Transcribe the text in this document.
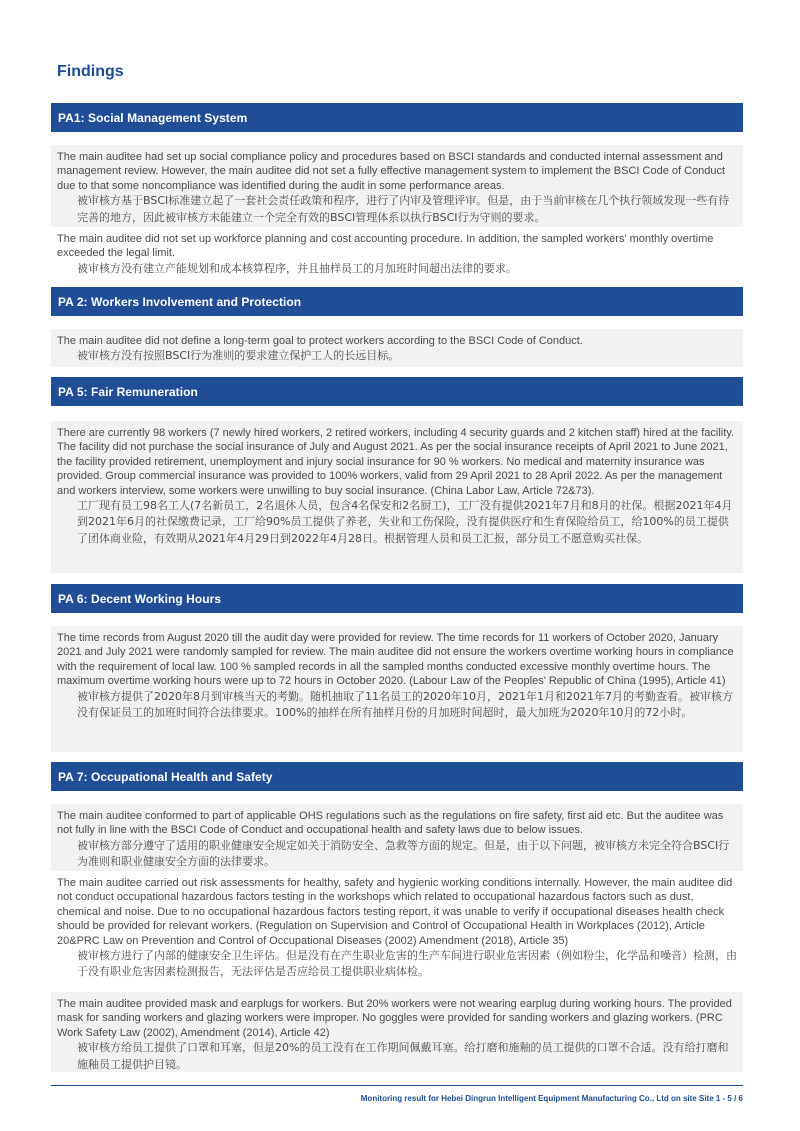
Findings
PA1: Social Management System

The main auditee had set up social compliance policy and procedures based on BSCI standards and conducted internal assessment and management review. However, the main auditee did not set a fully effective management system to implement the BSCI Code of Conduct due to that some noncompliance was identified during the audit in some performance areas.

被审核方基于BSCI标准建立起了一套社会责任政策和程序，进行了内审及管理评审。但是，由于当前审核在几个执行领域发现一些有待完善的地方，因此被审核方未能建立一个完全有效的BSCI管理体系以执行BSCI行为守则的要求。

The main auditee did not set up workforce planning and cost accounting procedure. In addition, the sampled workers' monthly overtime exceeded the legal limit.

被审核方没有建立产能规划和成本核算程序，并且抽样员工的月加班时间超出法律的要求。

PA 2: Workers Involvement and Protection

The main auditee did not define a long-term goal to protect workers according to the BSCI Code of Conduct.

被审核方没有按照BSCI行为准则的要求建立保护工人的长远目标。

PA 5: Fair Remuneration

There are currently 98 workers (7 newly hired workers, 2 retired workers, including 4 security guards and 2 kitchen staff) hired at the facility. The facility did not purchase the social insurance of July and August 2021. As per the social insurance receipts of April 2021 to June 2021, the facility provided retirement, unemployment and injury social insurance for 90 % workers. No medical and maternity insurance was provided. Group commercial insurance was provided to 100% workers, valid from 29 April 2021 to 28 April 2022. As per the management and workers interview, some workers were unwilling to buy social insurance. (China Labor Law, Article 72&73).

工厂现有员工98名工人(7名新员工，2名退休人员，包含4名保安和2名厨工)，工厂没有提供2021年7月和8月的社保。根据2021年4月到2021年6月的社保缴费记录，工厂给90%员工提供了养老，失业和工伤保险，没有提供医疗和生育保险给员工，给100%的员工提供了团体商业险，有效期从2021年4月29日到2022年4月28日。根据管理人员和员工汇报，部分员工不愿意购买社保。

PA 6: Decent Working Hours

The time records from August 2020 till the audit day were provided for review. The time records for 11 workers of October 2020, January 2021 and July 2021 were randomly sampled for review. The main auditee did not ensure the workers overtime working hours in compliance with the requirement of local law. 100 % sampled records in all the sampled months conducted excessive monthly overtime hours. The maximum overtime working hours were up to 72 hours in October 2020. (Labour Law of the Peoples' Republic of China (1995), Article 41)

被审核方提供了2020年8月到审核当天的考勤。随机抽取了11名员工的2020年10月，2021年1月和2021年7月的考勤查看。被审核方没有保证员工的加班时间符合法律要求。100%的抽样在所有抽样月份的月加班时间超时，最大加班为2020年10月的72小时。

PA 7: Occupational Health and Safety

The main auditee conformed to part of applicable OHS regulations such as the regulations on fire safety, first aid etc. But the auditee was not fully in line with the BSCI Code of Conduct and occupational health and safety laws due to below issues.

被审核方部分遵守了适用的职业健康安全规定如关于消防安全、急救等方面的规定。但是，由于以下问题，被审核方未完全符合BSCI行为准则和职业健康安全方面的法律要求。

The main auditee carried out risk assessments for healthy, safety and hygienic working conditions internally. However, the main auditee did not conduct occupational hazardous factors testing in the workshops which related to occupational hazardous factors such as dust, chemical and noise. Due to no occupational hazardous factors testing report, it was unable to verify if occupational diseases health check should be provided for relevant workers. (Regulation on Supervision and Control of Occupational Health in Workplaces (2012), Article 20&PRC Law on Prevention and Control of Occupational Diseases (2002) Amendment (2018), Article 35)

被审核方进行了内部的健康安全卫生评估。但是没有在产生职业危害的生产车间进行职业危害因素（例如粉尘，化学品和噪音）检测，由于没有职业危害因素检测报告，无法评估是否应给员工提供职业病体检。

The main auditee provided mask and earplugs for workers. But 20% workers were not wearing earplug during working hours. The provided mask for sanding workers and glazing workers were improper. No goggles were provided for sanding workers and glazing workers. (PRC Work Safety Law (2002), Amendment (2014), Article 42)

被审核方给员工提供了口罩和耳塞，但是20%的员工没有在工作期间佩戴耳塞。给打磨和施釉的员工提供的口罩不合适。没有给打磨和施釉员工提供护目镜。

Monitoring result for Hebei Dingrun Intelligent Equipment Manufacturing Co., Ltd on site Site 1 - 5 / 6
